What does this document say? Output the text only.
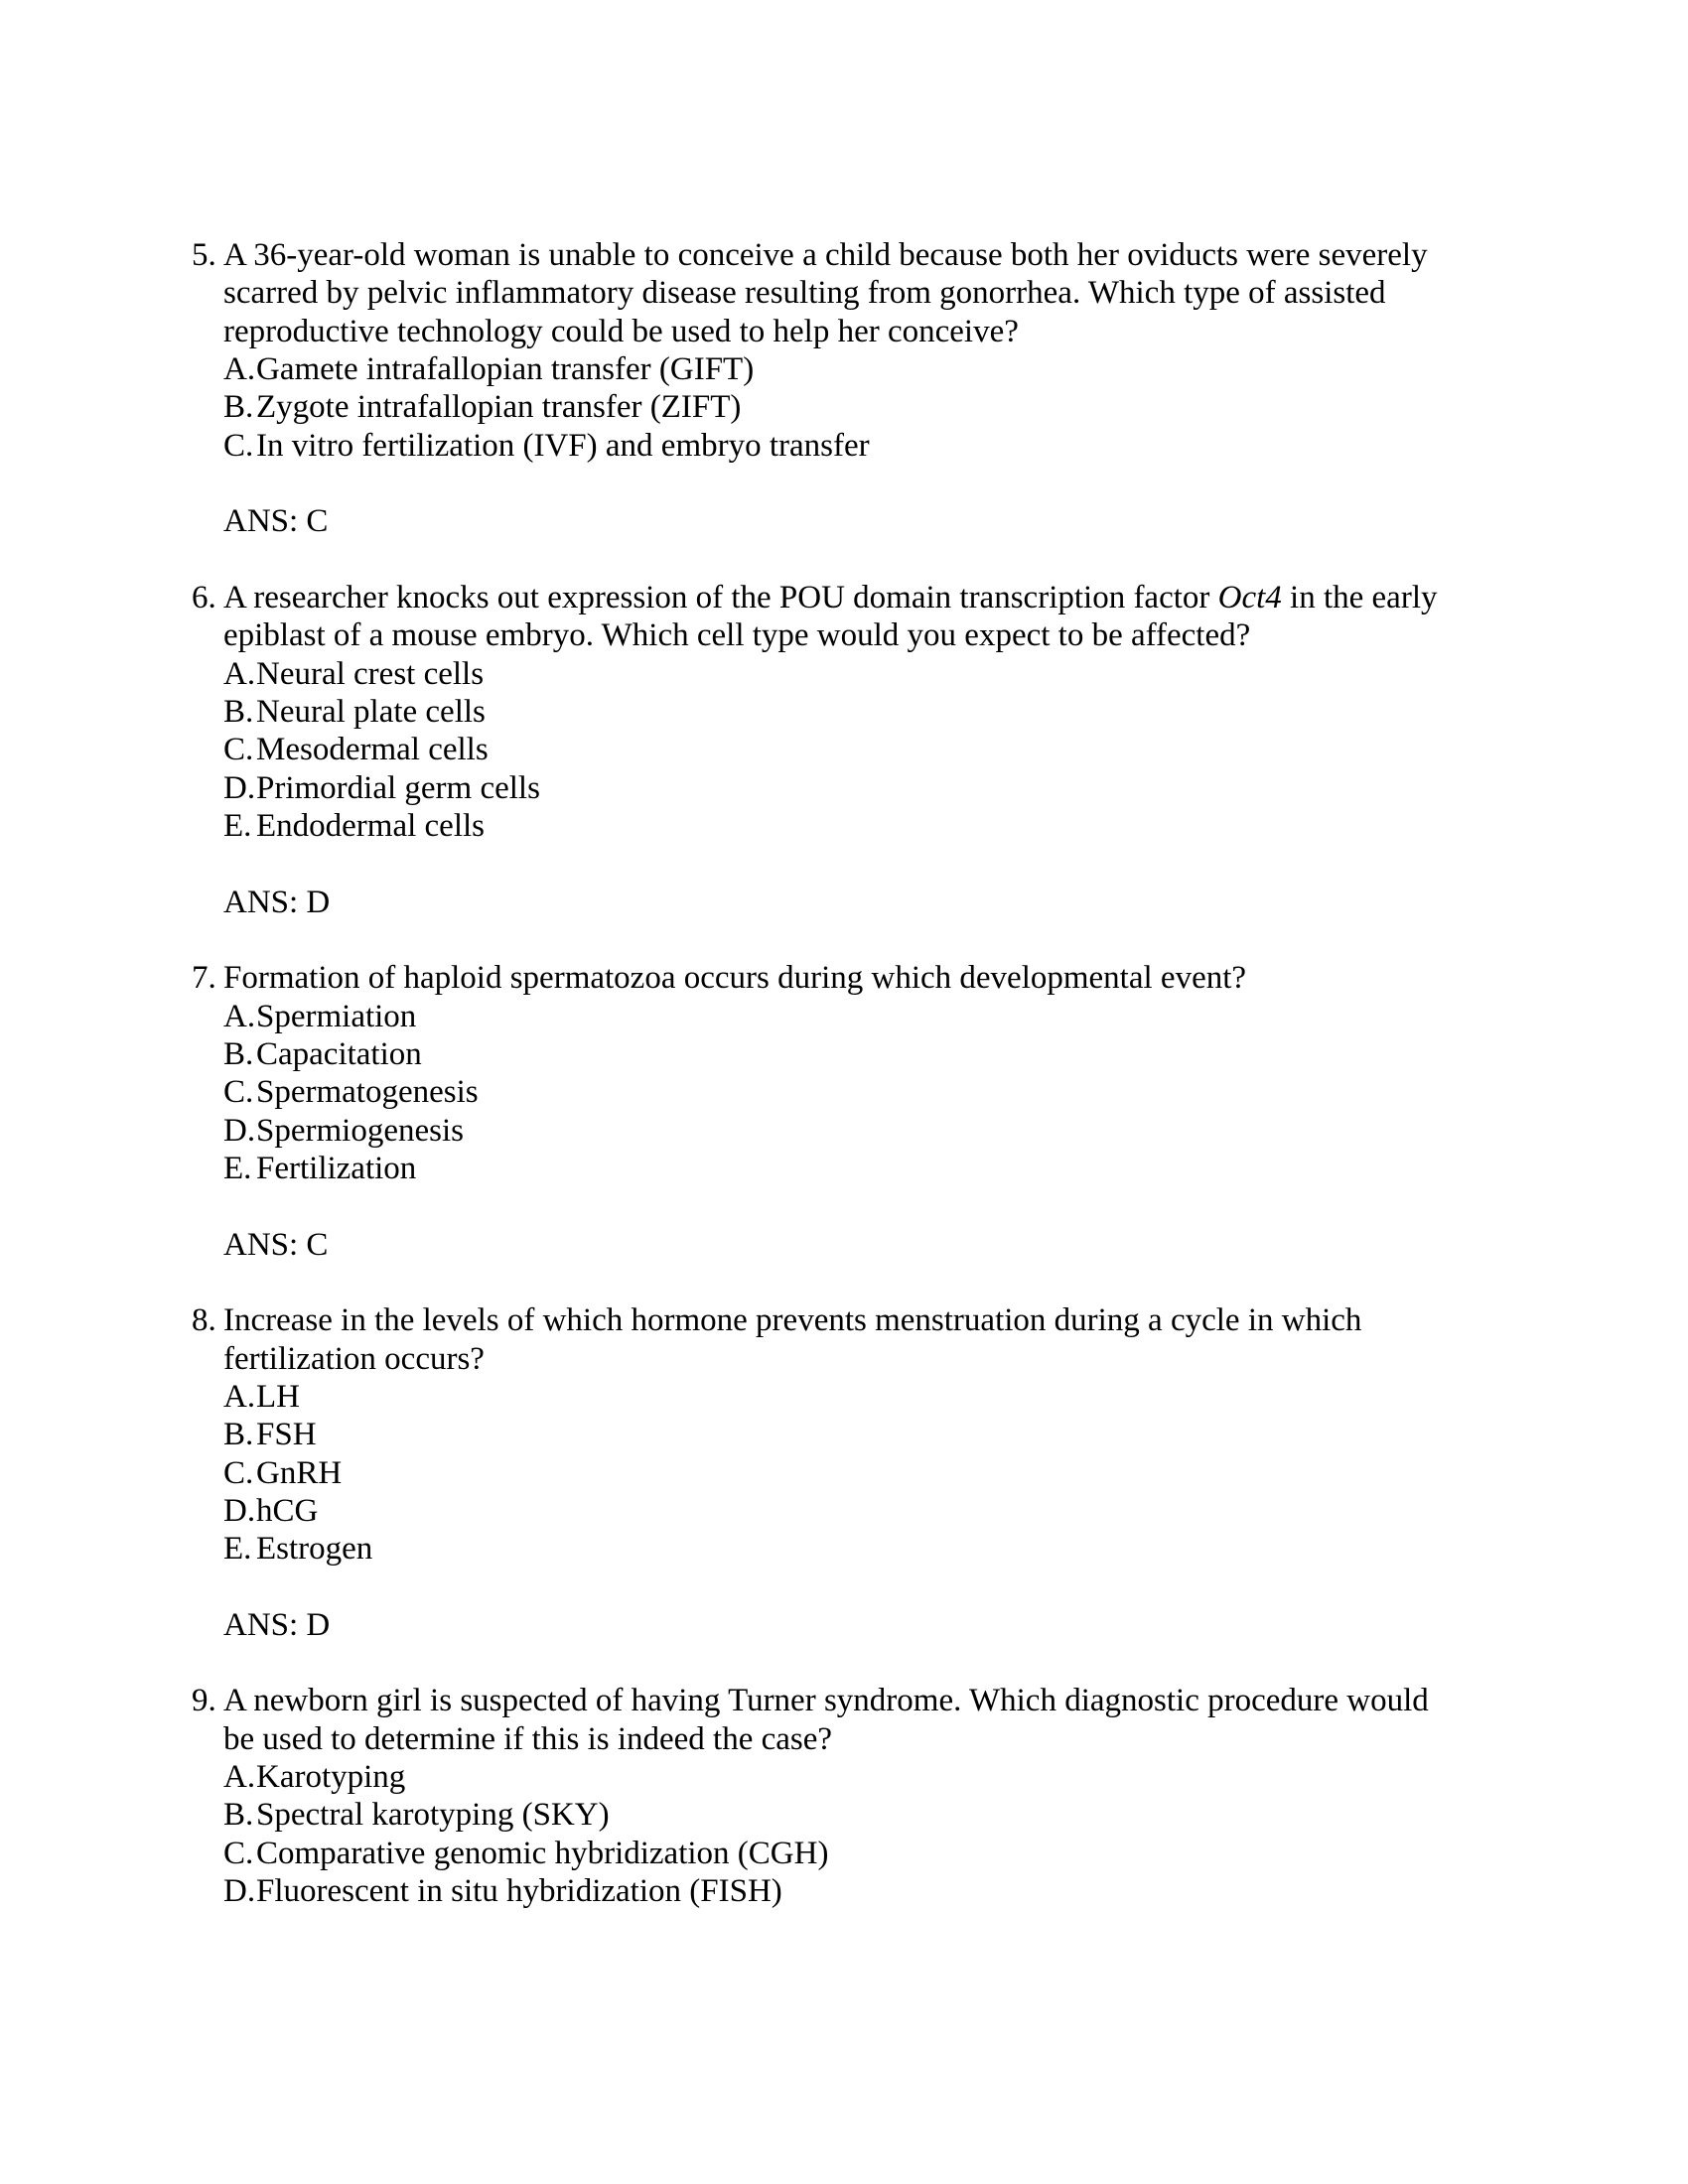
5. A 36-year-old woman is unable to conceive a child because both her oviducts were severely
scarred by pelvic inflammatory disease resulting from gonorrhea. Which type of assisted
reproductive technology could be used to help her conceive?
A. Gamete intrafallopian transfer (GIFT)
B. Zygote intrafallopian transfer (ZIFT)
C. In vitro fertilization (IVF) and embryo transfer
ANS: C
6. A researcher knocks out expression of the POU domain transcription factor Oct4 in the early
epiblast of a mouse embryo. Which cell type would you expect to be affected?
A. Neural crest cells
B. Neural plate cells
C. Mesodermal cells
D. Primordial germ cells
E. Endodermal cells
ANS: D
7. Formation of haploid spermatozoa occurs during which developmental event?
A. Spermiation
B. Capacitation
C. Spermatogenesis
D. Spermiogenesis
E. Fertilization
ANS: C
8. Increase in the levels of which hormone prevents menstruation during a cycle in which
fertilization occurs?
A. LH
B. FSH
C. GnRH
D. hCG
E. Estrogen
ANS: D
9. A newborn girl is suspected of having Turner syndrome. Which diagnostic procedure would
be used to determine if this is indeed the case?
A. Karotyping
B. Spectral karotyping (SKY)
C. Comparative genomic hybridization (CGH)
D. Fluorescent in situ hybridization (FISH)
